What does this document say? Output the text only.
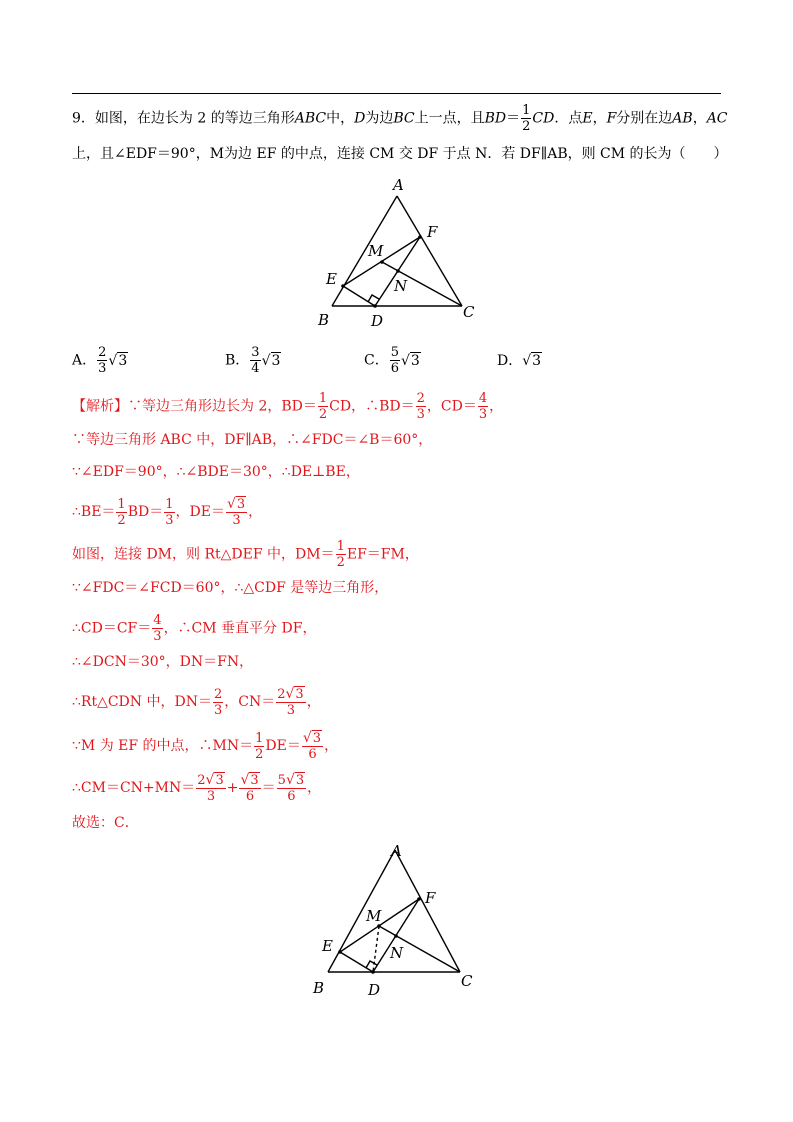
9．如图，在边长为 2 的等边三角形ABC中，D为边BC上一点，且$BD= \frac{1}{2}$ CD．点E，F分别在边AB，AC
上，且∠EDF＝90°，M为边 EF 的中点，连接 CM 交 DF 于点 N．若 DF∥AB，则 CM 的长为（　　）
A
B	C
D
E
F
M
N
A． $\frac{2}{3} √3$	B． $\frac{3}{4} √3$	C． $\frac{5}{6} √3$	D．√3
【解析】∵等边三角形边长为 2，$BD= \frac{1}{2}$ CD，∴BD＝ $\frac{2}{3}$ ，$CD= \frac{4}{3}$ ，
∵等边三角形 ABC 中，DF∥AB，∴∠FDC＝∠B＝60°，
∵∠EDF＝90°，∴∠BDE＝30°，∴DE⊥BE，
∴BE＝ $\frac{1}{2} BD= \frac{1}{3}$ ，$DE= \frac{√3}{3}$ ，
如图，连接 DM，则 Rt△DEF 中，$DM= \frac{1}{2} EF=FM$，
∵∠FDC＝∠FCD＝60°，∴△CDF 是等边三角形，
∴CD＝CF＝ $\frac{4}{3}$ ，∴CM 垂直平分 DF，
∴∠DCN＝30°，DN＝FN，
∴Rt△CDN 中，$DN= \frac{2}{3}$ ，$CN= \frac{2√3}{3}$ ，
∵M 为 EF 的中点，∴MN＝ $\frac{1}{2} DE= \frac{√3}{6}$ ，
∴CM＝CN+MN＝ $\frac{2√3}{3} + \frac{√3}{6} = \frac{5√3}{6}$ ，
故选：C．
A
B	C
D
E
F
M
N
